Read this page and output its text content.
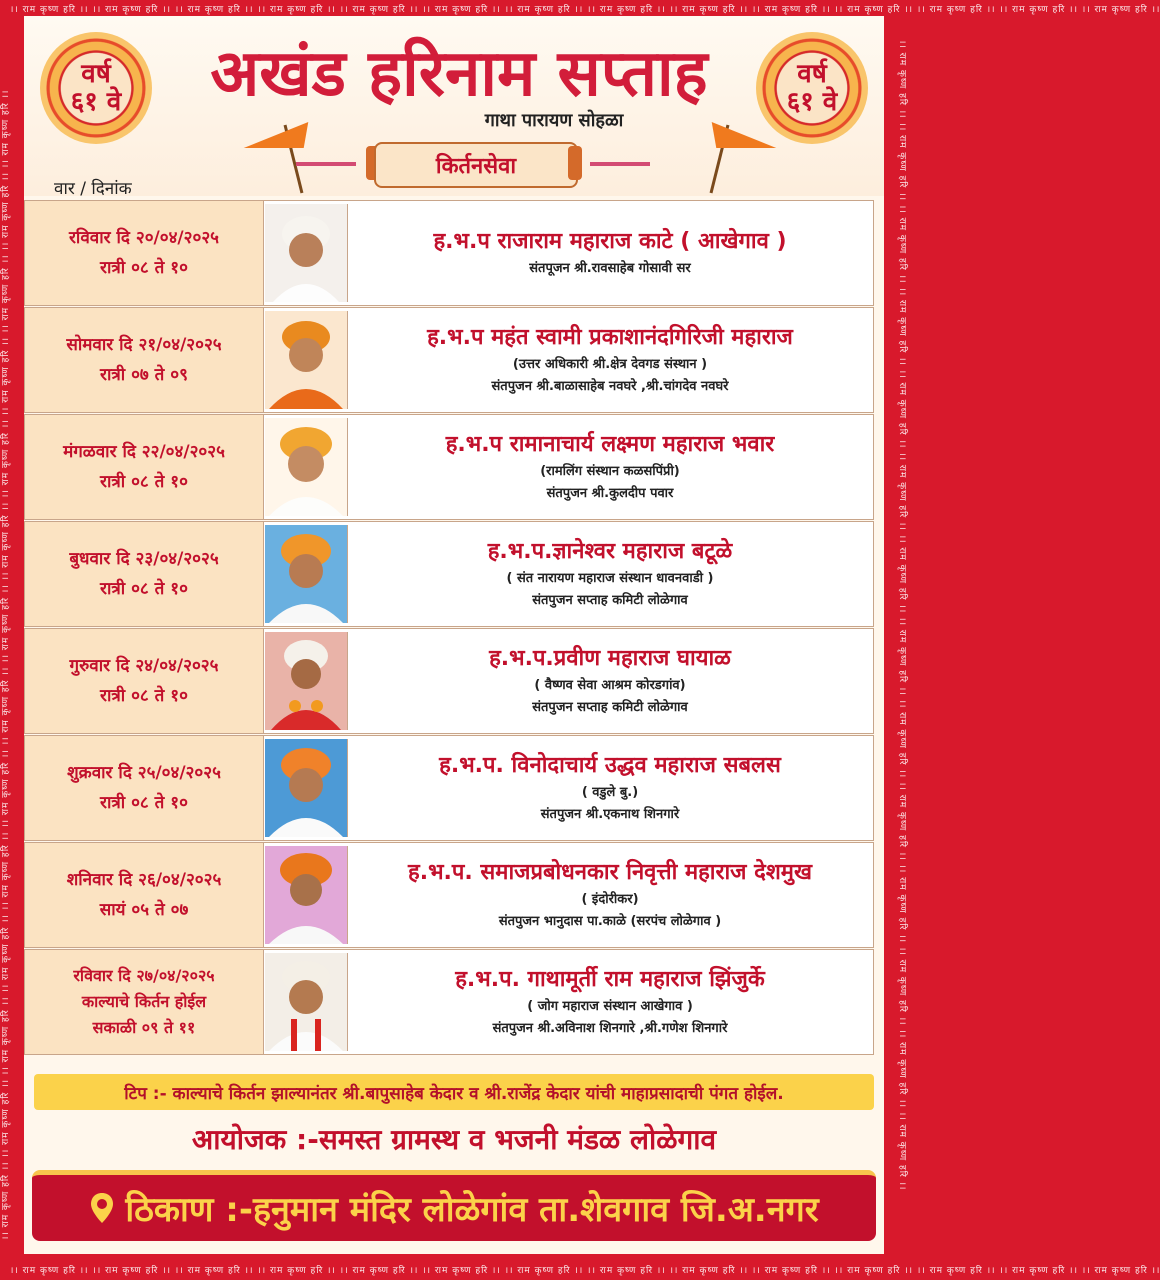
।। राम कृष्ण हरि ।। ।। राम कृष्ण हरि ।। ।। राम कृष्ण हरि ।। ।। राम कृष्ण हरि ।। ।। राम कृष्ण हरि ।। ।। राम कृष्ण हरि ।। ।। राम कृष्ण हरि ।। ।। राम कृष्ण हरि ।। ।। राम कृष्ण हरि ।। ।। राम कृष्ण हरि ।। ।। राम कृष्ण हरि ।। ।। राम कृष्ण हरि ।। ।। राम कृष्ण हरि ।। ।। राम कृष्ण हरि ।।
।। राम कृष्ण हरि ।। ।। राम कृष्ण हरि ।। ।। राम कृष्ण हरि ।। ।। राम कृष्ण हरि ।। ।। राम कृष्ण हरि ।। ।। राम कृष्ण हरि ।। ।। राम कृष्ण हरि ।। ।। राम कृष्ण हरि ।। ।। राम कृष्ण हरि ।। ।। राम कृष्ण हरि ।। ।। राम कृष्ण हरि ।। ।। राम कृष्ण हरि ।। ।। राम कृष्ण हरि ।। ।। राम कृष्ण हरि ।।
।। राम कृष्ण हरि ।। ।। राम कृष्ण हरि ।। ।। राम कृष्ण हरि ।। ।। राम कृष्ण हरि ।। ।। राम कृष्ण हरि ।। ।। राम कृष्ण हरि ।। ।। राम कृष्ण हरि ।। ।। राम कृष्ण हरि ।। ।। राम कृष्ण हरि ।। ।। राम कृष्ण हरि ।। ।। राम कृष्ण हरि ।। ।। राम कृष्ण हरि ।। ।। राम कृष्ण हरि ।। ।। राम कृष्ण हरि ।।	।। राम कृष्ण हरि ।। ।। राम कृष्ण हरि ।। ।। राम कृष्ण हरि ।। ।। राम कृष्ण हरि ।। ।। राम कृष्ण हरि ।। ।। राम कृष्ण हरि ।। ।। राम कृष्ण हरि ।। ।। राम कृष्ण हरि ।। ।। राम कृष्ण हरि ।। ।। राम कृष्ण हरि ।। ।। राम कृष्ण हरि ।। ।। राम कृष्ण हरि ।। ।। राम कृष्ण हरि ।। ।। राम कृष्ण हरि ।।
वर्ष
६१ वे
वर्ष
६१ वे
अखंड हरिनाम सप्ताह
गाथा पारायण सोहळा
किर्तनसेवा
वार / दिनांक
रविवार दि २०/०४/२०२५
रात्री ०८ ते १०
ह.भ.प राजाराम महाराज काटे ( आखेगाव )
संतपूजन श्री.रावसाहेब गोसावी सर
सोमवार दि २१/०४/२०२५
रात्री ०७ ते ०९
ह.भ.प महंत स्वामी प्रकाशानंदगिरिजी महाराज
(उत्तर अधिकारी श्री.क्षेत्र देवगड संस्थान )
संतपुजन श्री.बाळासाहेब नवघरे ,श्री.चांगदेव नवघरे
मंगळवार दि २२/०४/२०२५
रात्री ०८ ते १०
ह.भ.प रामानाचार्य लक्ष्मण महाराज भवार
(रामलिंग संस्थान कळसपिंप्री)
संतपुजन श्री.कुलदीप पवार
बुधवार दि २३/०४/२०२५
रात्री ०८ ते १०
ह.भ.प.ज्ञानेश्वर महाराज बटूळे
( संत नारायण महाराज संस्थान धावनवाडी )
संतपुजन सप्ताह कमिटी लोळेगाव
गुरुवार दि २४/०४/२०२५
रात्री ०८ ते १०
ह.भ.प.प्रवीण महाराज घायाळ
( वैष्णव सेवा आश्रम कोरडगांव)
संतपुजन सप्ताह कमिटी लोळेगाव
शुक्रवार दि २५/०४/२०२५
रात्री ०८ ते १०
ह.भ.प. विनोदाचार्य उद्धव महाराज सबलस
( वडुले बु.)
संतपुजन श्री.एकनाथ शिनगारे
शनिवार दि २६/०४/२०२५
सायं ०५ ते ०७
ह.भ.प. समाजप्रबोधनकार निवृत्ती महाराज देशमुख
( इंदोरीकर)
संतपुजन भानुदास पा.काळे (सरपंच लोळेगाव )
रविवार दि २७/०४/२०२५
काल्याचे किर्तन होईल
सकाळी ०९ ते ११
ह.भ.प. गाथामूर्ती राम महाराज झिंजुर्के
( जोग महाराज संस्थान आखेगाव )
संतपुजन श्री.अविनाश शिनगारे ,श्री.गणेश शिनगारे
टिप :- काल्याचे किर्तन झाल्यानंतर श्री.बापुसाहेब केदार व श्री.राजेंद्र केदार यांची माहाप्रसादाची पंगत होईल.
आयोजक :-समस्त ग्रामस्थ व भजनी मंडळ लोळेगाव
ठिकाण :-हनुमान मंदिर लोळेगांव ता.शेवगाव जि.अ.नगर
